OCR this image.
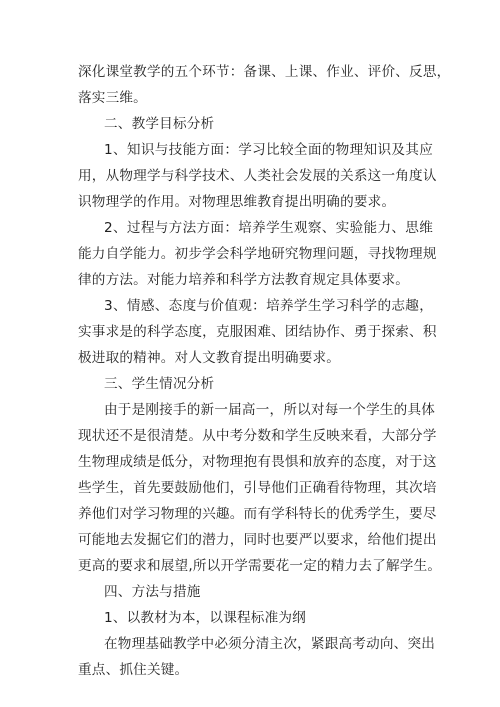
深化课堂教学的五个环节：备课、上课、作业、评价、反思，
落实三维。
二、教学目标分析
1、知识与技能方面：学习比较全面的物理知识及其应
用，从物理学与科学技术、人类社会发展的关系这一角度认
识物理学的作用。对物理思维教育提出明确的要求。
2、过程与方法方面：培养学生观察、实验能力、思维
能力自学能力。初步学会科学地研究物理问题，寻找物理规
律的方法。对能力培养和科学方法教育规定具体要求。
3、情感、态度与价值观：培养学生学习科学的志趣，
实事求是的科学态度，克服困难、团结协作、勇于探索、积
极进取的精神。对人文教育提出明确要求。
三、学生情况分析
由于是刚接手的新一届高一，所以对每一个学生的具体
现状还不是很清楚。从中考分数和学生反映来看，大部分学
生物理成绩是低分，对物理抱有畏惧和放弃的态度，对于这
些学生，首先要鼓励他们，引导他们正确看待物理，其次培
养他们对学习物理的兴趣。而有学科特长的优秀学生，要尽
可能地去发掘它们的潜力，同时也要严以要求，给他们提出
更高的要求和展望,所以开学需要花一定的精力去了解学生。
四、方法与措施
1、以教材为本，以课程标准为纲
在物理基础教学中必须分清主次，紧跟高考动向、突出
重点、抓住关键。
